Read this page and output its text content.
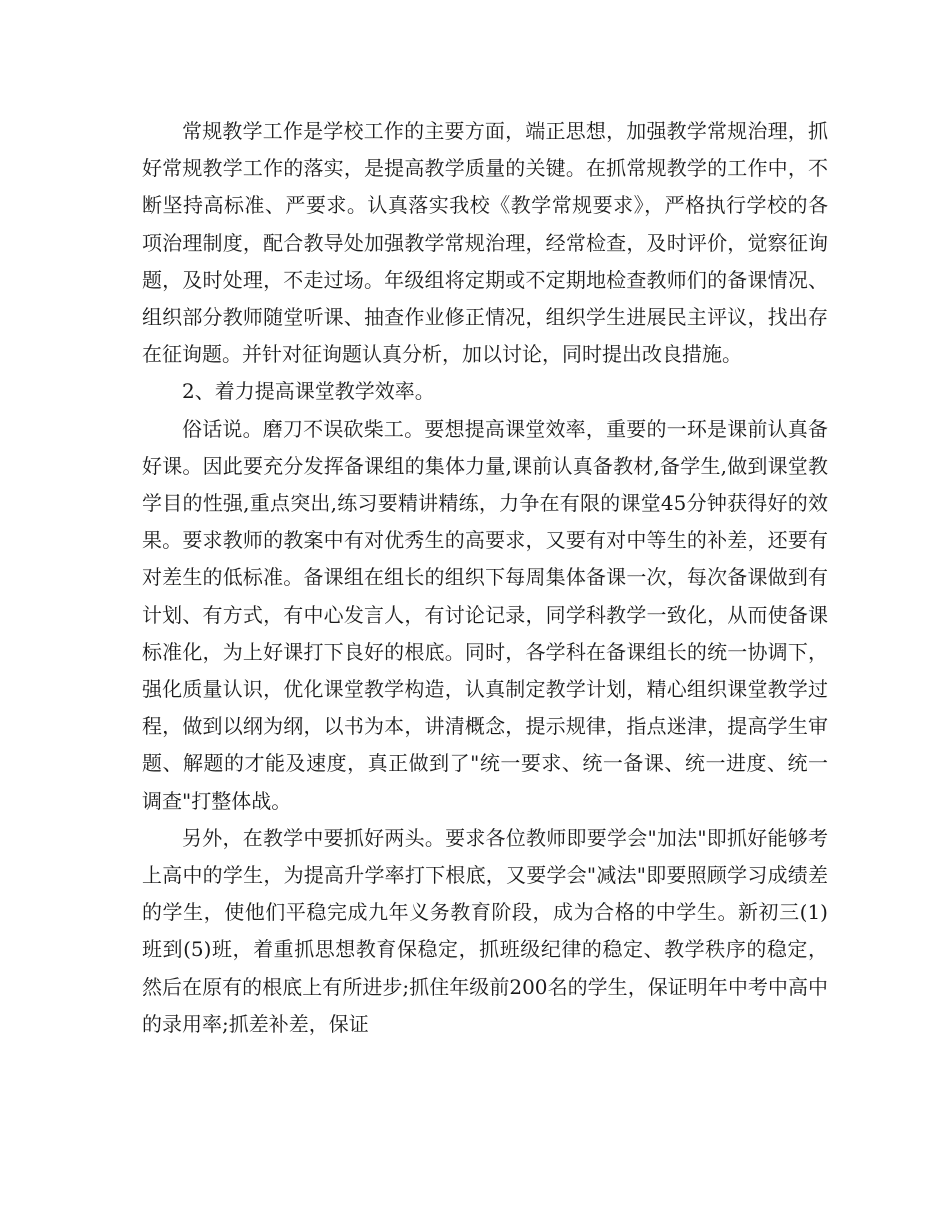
常规教学工作是学校工作的主要方面，端正思想，加强教学常规治理，抓好常规教学工作的落实，是提高教学质量的关键。在抓常规教学的工作中，不断坚持高标准、严要求。认真落实我校《教学常规要求》，严格执行学校的各项治理制度，配合教导处加强教学常规治理，经常检查，及时评价，觉察征询题，及时处理，不走过场。年级组将定期或不定期地检查教师们的备课情况、组织部分教师随堂听课、抽查作业修正情况，组织学生进展民主评议，找出存在征询题。并针对征询题认真分析，加以讨论，同时提出改良措施。

2、着力提高课堂教学效率。

俗话说。磨刀不误砍柴工。要想提高课堂效率，重要的一环是课前认真备好课。因此要充分发挥备课组的集体力量,课前认真备教材,备学生,做到课堂教学目的性强,重点突出,练习要精讲精练，力争在有限的课堂45分钟获得好的效果。要求教师的教案中有对优秀生的高要求，又要有对中等生的补差，还要有对差生的低标准。备课组在组长的组织下每周集体备课一次，每次备课做到有计划、有方式，有中心发言人，有讨论记录，同学科教学一致化，从而使备课标准化，为上好课打下良好的根底。同时，各学科在备课组长的统一协调下，强化质量认识，优化课堂教学构造，认真制定教学计划，精心组织课堂教学过程，做到以纲为纲，以书为本，讲清概念，提示规律，指点迷津，提高学生审题、解题的才能及速度，真正做到了"统一要求、统一备课、统一进度、统一调查"打整体战。

另外，在教学中要抓好两头。要求各位教师即要学会"加法"即抓好能够考上高中的学生，为提高升学率打下根底，又要学会"减法"即要照顾学习成绩差的学生，使他们平稳完成九年义务教育阶段，成为合格的中学生。新初三(1)班到(5)班，着重抓思想教育保稳定，抓班级纪律的稳定、教学秩序的稳定，然后在原有的根底上有所进步;抓住年级前200名的学生，保证明年中考中高中的录用率;抓差补差，保证
